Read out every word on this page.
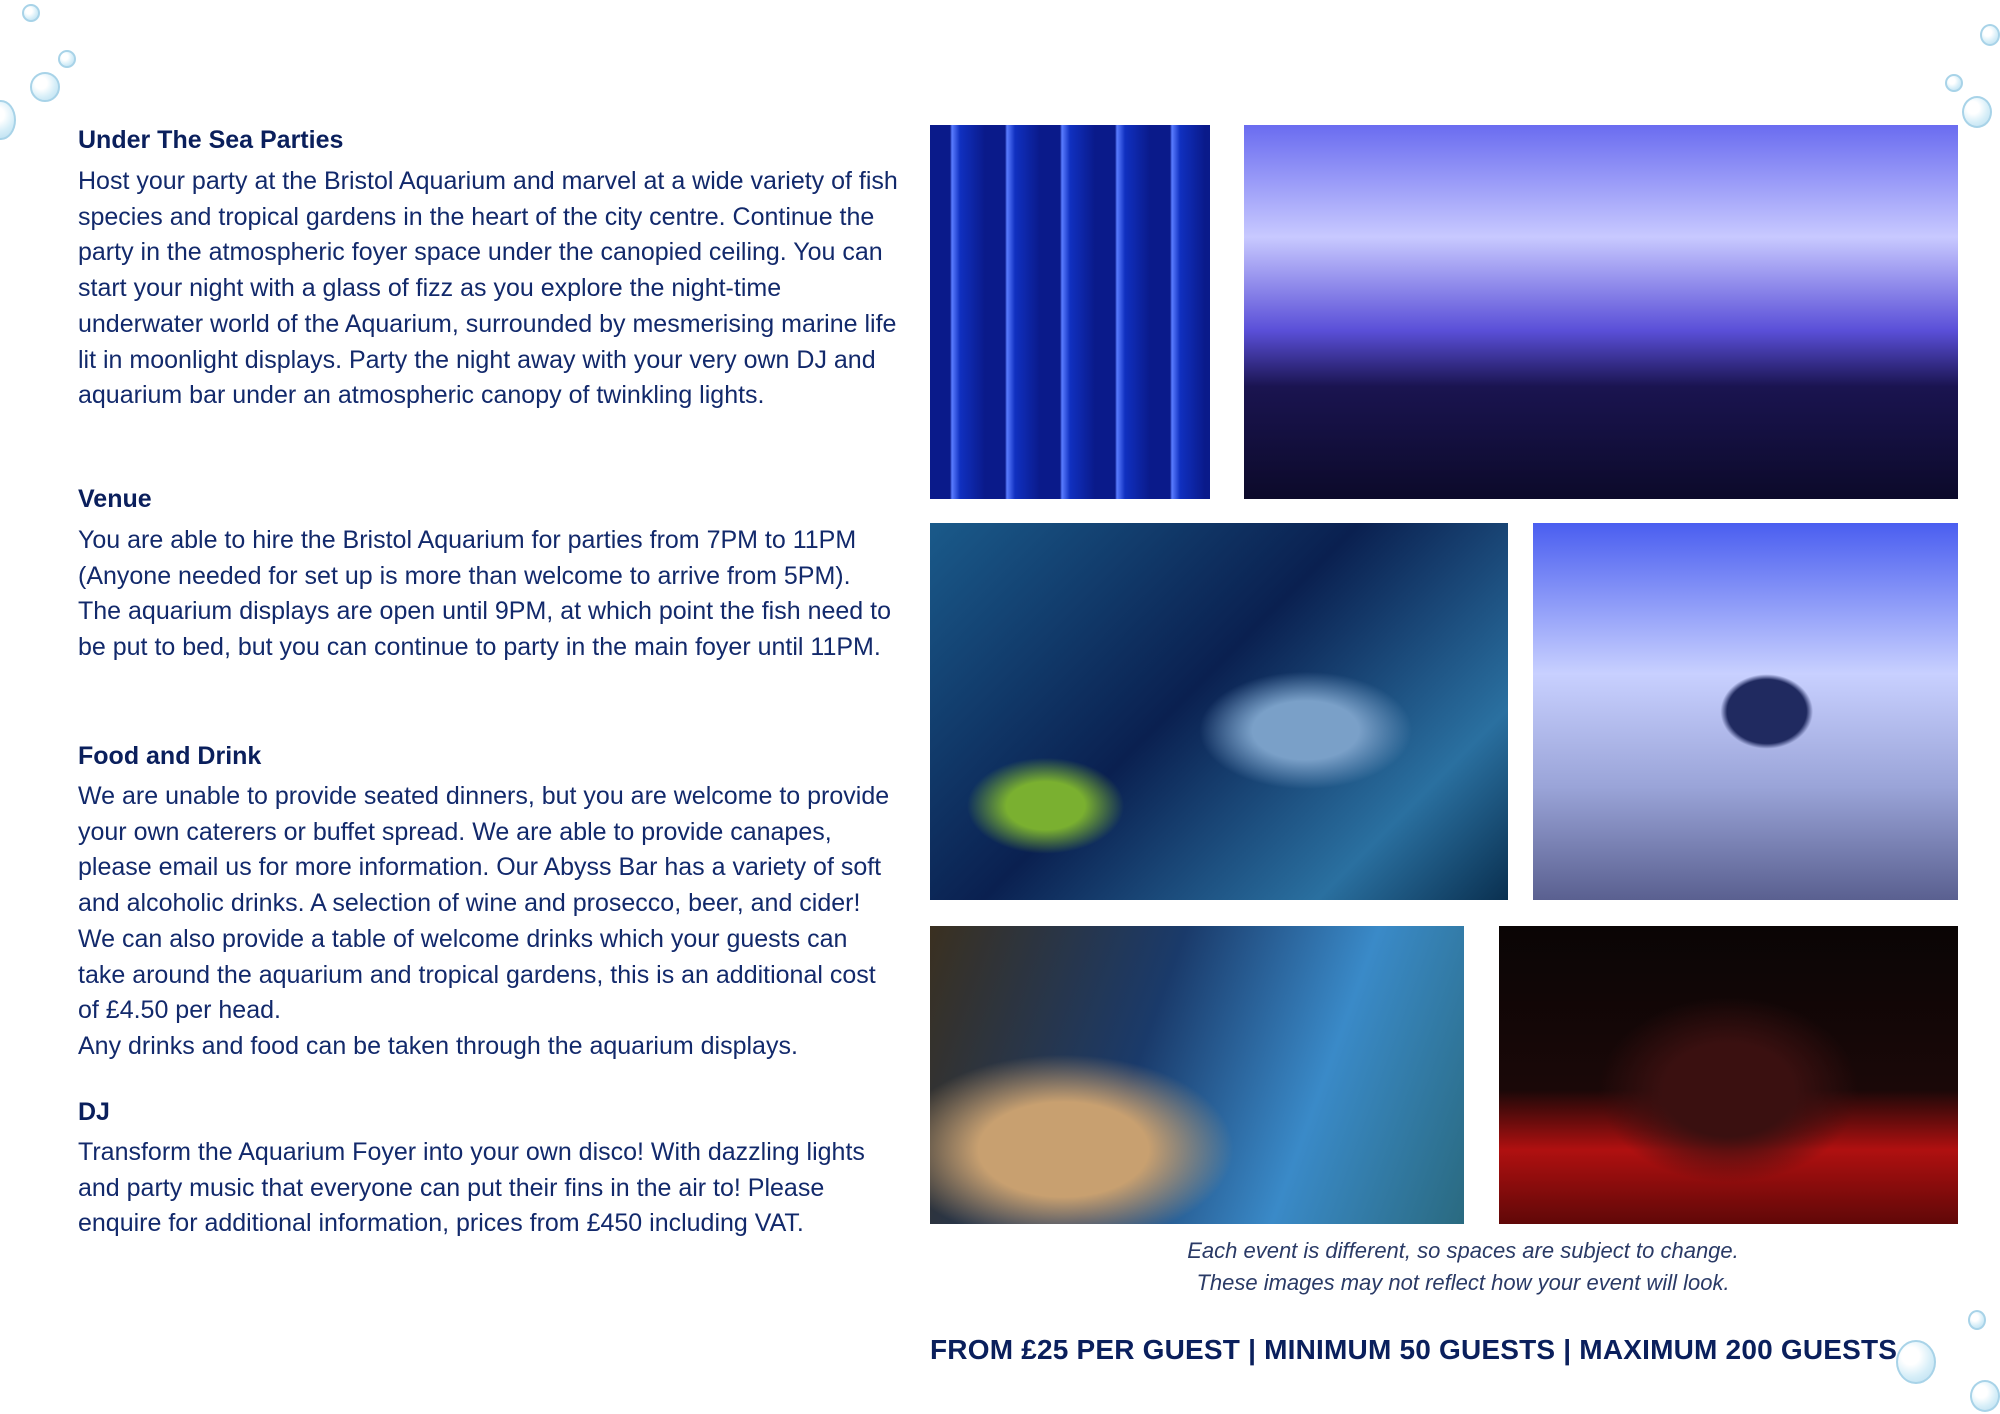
Under The Sea Parties
Host your party at the Bristol Aquarium and marvel at a wide variety of fish species and tropical gardens in the heart of the city centre. Continue the party in the atmospheric foyer space under the canopied ceiling. You can start your night with a glass of fizz as you explore the night-time underwater world of the Aquarium, surrounded by mesmerising marine life lit in moonlight displays. Party the night away with your very own DJ and aquarium bar under an atmospheric canopy of twinkling lights.
Venue
You are able to hire the Bristol Aquarium for parties from 7PM to 11PM (Anyone needed for set up is more than welcome to arrive from 5PM). The aquarium displays are open until 9PM, at which point the fish need to be put to bed, but you can continue to party in the main foyer until 11PM.
Food and Drink
We are unable to provide seated dinners, but you are welcome to provide your own caterers or buffet spread. We are able to provide canapes, please email us for more information. Our Abyss Bar has a variety of soft and alcoholic drinks. A selection of wine and prosecco, beer, and cider! We can also provide a table of welcome drinks which your guests can take around the aquarium and tropical gardens, this is an additional cost of £4.50 per head.
Any drinks and food can be taken through the aquarium displays.
DJ
Transform the Aquarium Foyer into your own disco! With dazzling lights and party music that everyone can put their fins in the air to! Please enquire for additional information, prices from £450 including VAT.
Each event is different, so spaces are subject to change.
These images may not reflect how your event will look.
FROM £25 PER GUEST | MINIMUM 50 GUESTS | MAXIMUM 200 GUESTS
